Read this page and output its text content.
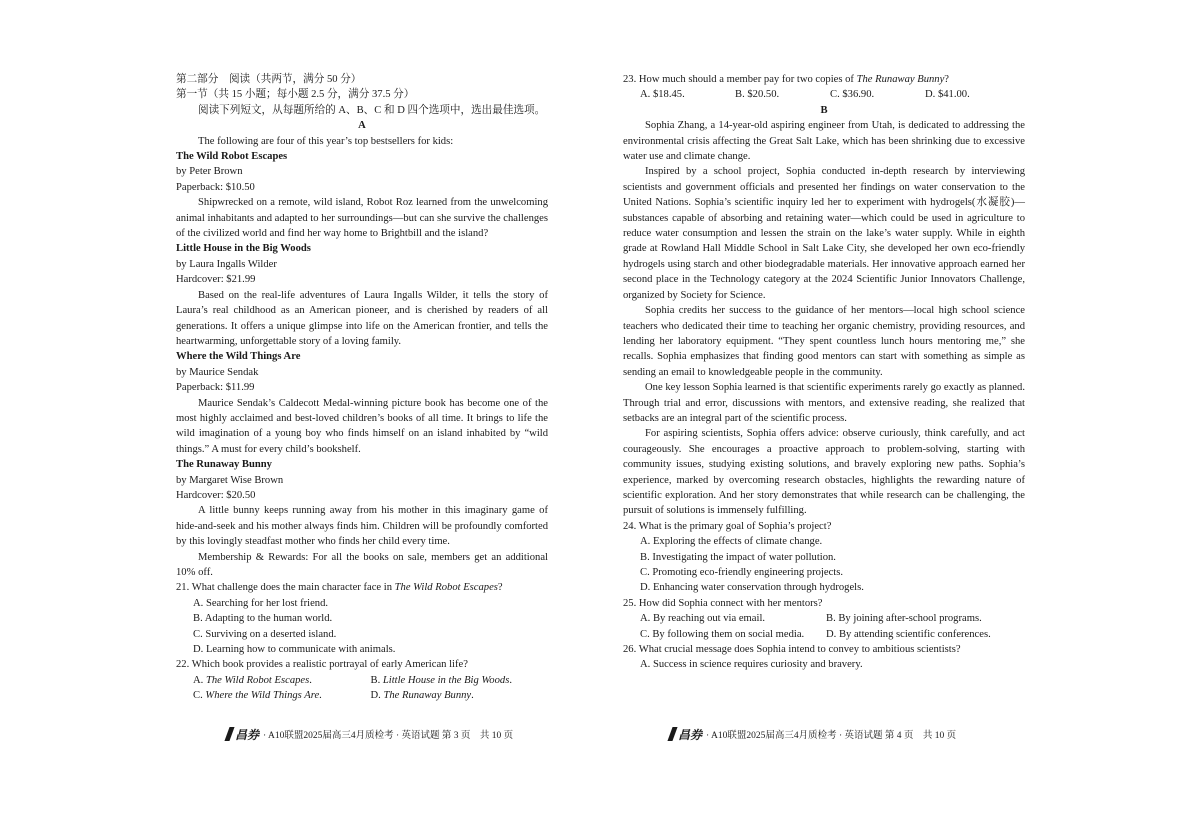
第二部分　阅读（共两节，满分 50 分）
第一节（共 15 小题；每小题 2.5 分，满分 37.5 分）
阅读下列短文，从每题所给的 A、B、C 和 D 四个选项中，选出最佳选项。
A
The following are four of this year’s top bestsellers for kids:
The Wild Robot Escapes
by Peter Brown
Paperback: $10.50
Shipwrecked on a remote, wild island, Robot Roz learned from the unwelcoming animal inhabitants and adapted to her surroundings—but can she survive the challenges of the civilized world and find her way home to Brightbill and the island?
Little House in the Big Woods
by Laura Ingalls Wilder
Hardcover: $21.99
Based on the real-life adventures of Laura Ingalls Wilder, it tells the story of Laura’s real childhood as an American pioneer, and is cherished by readers of all generations. It offers a unique glimpse into life on the American frontier, and tells the heartwarming, unforgettable story of a loving family.
Where the Wild Things Are
by Maurice Sendak
Paperback: $11.99
Maurice Sendak’s Caldecott Medal-winning picture book has become one of the most highly acclaimed and best-loved children’s books of all time. It brings to life the wild imagination of a young boy who finds himself on an island inhabited by “wild things.” A must for every child’s bookshelf.
The Runaway Bunny
by Margaret Wise Brown
Hardcover: $20.50
A little bunny keeps running away from his mother in this imaginary game of hide-and-seek and his mother always finds him. Children will be profoundly comforted by this lovingly steadfast mother who finds her child every time.
Membership & Rewards: For all the books on sale, members get an additional 10% off.
21. What challenge does the main character face in The Wild Robot Escapes?
A. Searching for her lost friend.
B. Adapting to the human world.
C. Surviving on a deserted island.
D. Learning how to communicate with animals.
22. Which book provides a realistic portrayal of early American life?
A. The Wild Robot Escapes.	B. Little House in the Big Woods.
C. Where the Wild Things Are.	D. The Runaway Bunny.
23. How much should a member pay for two copies of The Runaway Bunny?
A. $18.45.	B. $20.50.	C. $36.90.	D. $41.00.
B
Sophia Zhang, a 14-year-old aspiring engineer from Utah, is dedicated to addressing the environmental crisis affecting the Great Salt Lake, which has been shrinking due to excessive water use and climate change.
Inspired by a school project, Sophia conducted in-depth research by interviewing scientists and government officials and presented her findings on water conservation to the United Nations. Sophia’s scientific inquiry led her to experiment with hydrogels(水凝胶)—substances capable of absorbing and retaining water—which could be used in agriculture to reduce water consumption and lessen the strain on the lake’s water supply. While in eighth grade at Rowland Hall Middle School in Salt Lake City, she developed her own eco-friendly hydrogels using starch and other biodegradable materials. Her innovative approach earned her second place in the Technology category at the 2024 Scientific Junior Innovators Challenge, organized by Society for Science.
Sophia credits her success to the guidance of her mentors—local high school science teachers who dedicated their time to teaching her organic chemistry, providing resources, and lending her laboratory equipment. “They spent countless lunch hours mentoring me,” she recalls. Sophia emphasizes that finding good mentors can start with something as simple as sending an email to knowledgeable people in the community.
One key lesson Sophia learned is that scientific experiments rarely go exactly as planned. Through trial and error, discussions with mentors, and extensive reading, she realized that setbacks are an integral part of the scientific process.
For aspiring scientists, Sophia offers advice: observe curiously, think carefully, and act courageously. She encourages a proactive approach to problem-solving, starting with community issues, studying existing solutions, and bravely exploring new paths. Sophia’s experience, marked by overcoming research obstacles, highlights the rewarding nature of scientific exploration. And her story demonstrates that while research can be challenging, the pursuit of solutions is immensely fulfilling.
24. What is the primary goal of Sophia’s project?
A. Exploring the effects of climate change.
B. Investigating the impact of water pollution.
C. Promoting eco-friendly engineering projects.
D. Enhancing water conservation through hydrogels.
25. How did Sophia connect with her mentors?
A. By reaching out via email.	B. By joining after-school programs.
C. By following them on social media.	D. By attending scientific conferences.
26. What crucial message does Sophia intend to convey to ambitious scientists?
A. Success in science requires curiosity and bravery.
昌券 · A10联盟2025届高三4月质检考 · 英语试题 第 3 页　共 10 页	昌券 · A10联盟2025届高三4月质检考 · 英语试题 第 4 页　共 10 页
